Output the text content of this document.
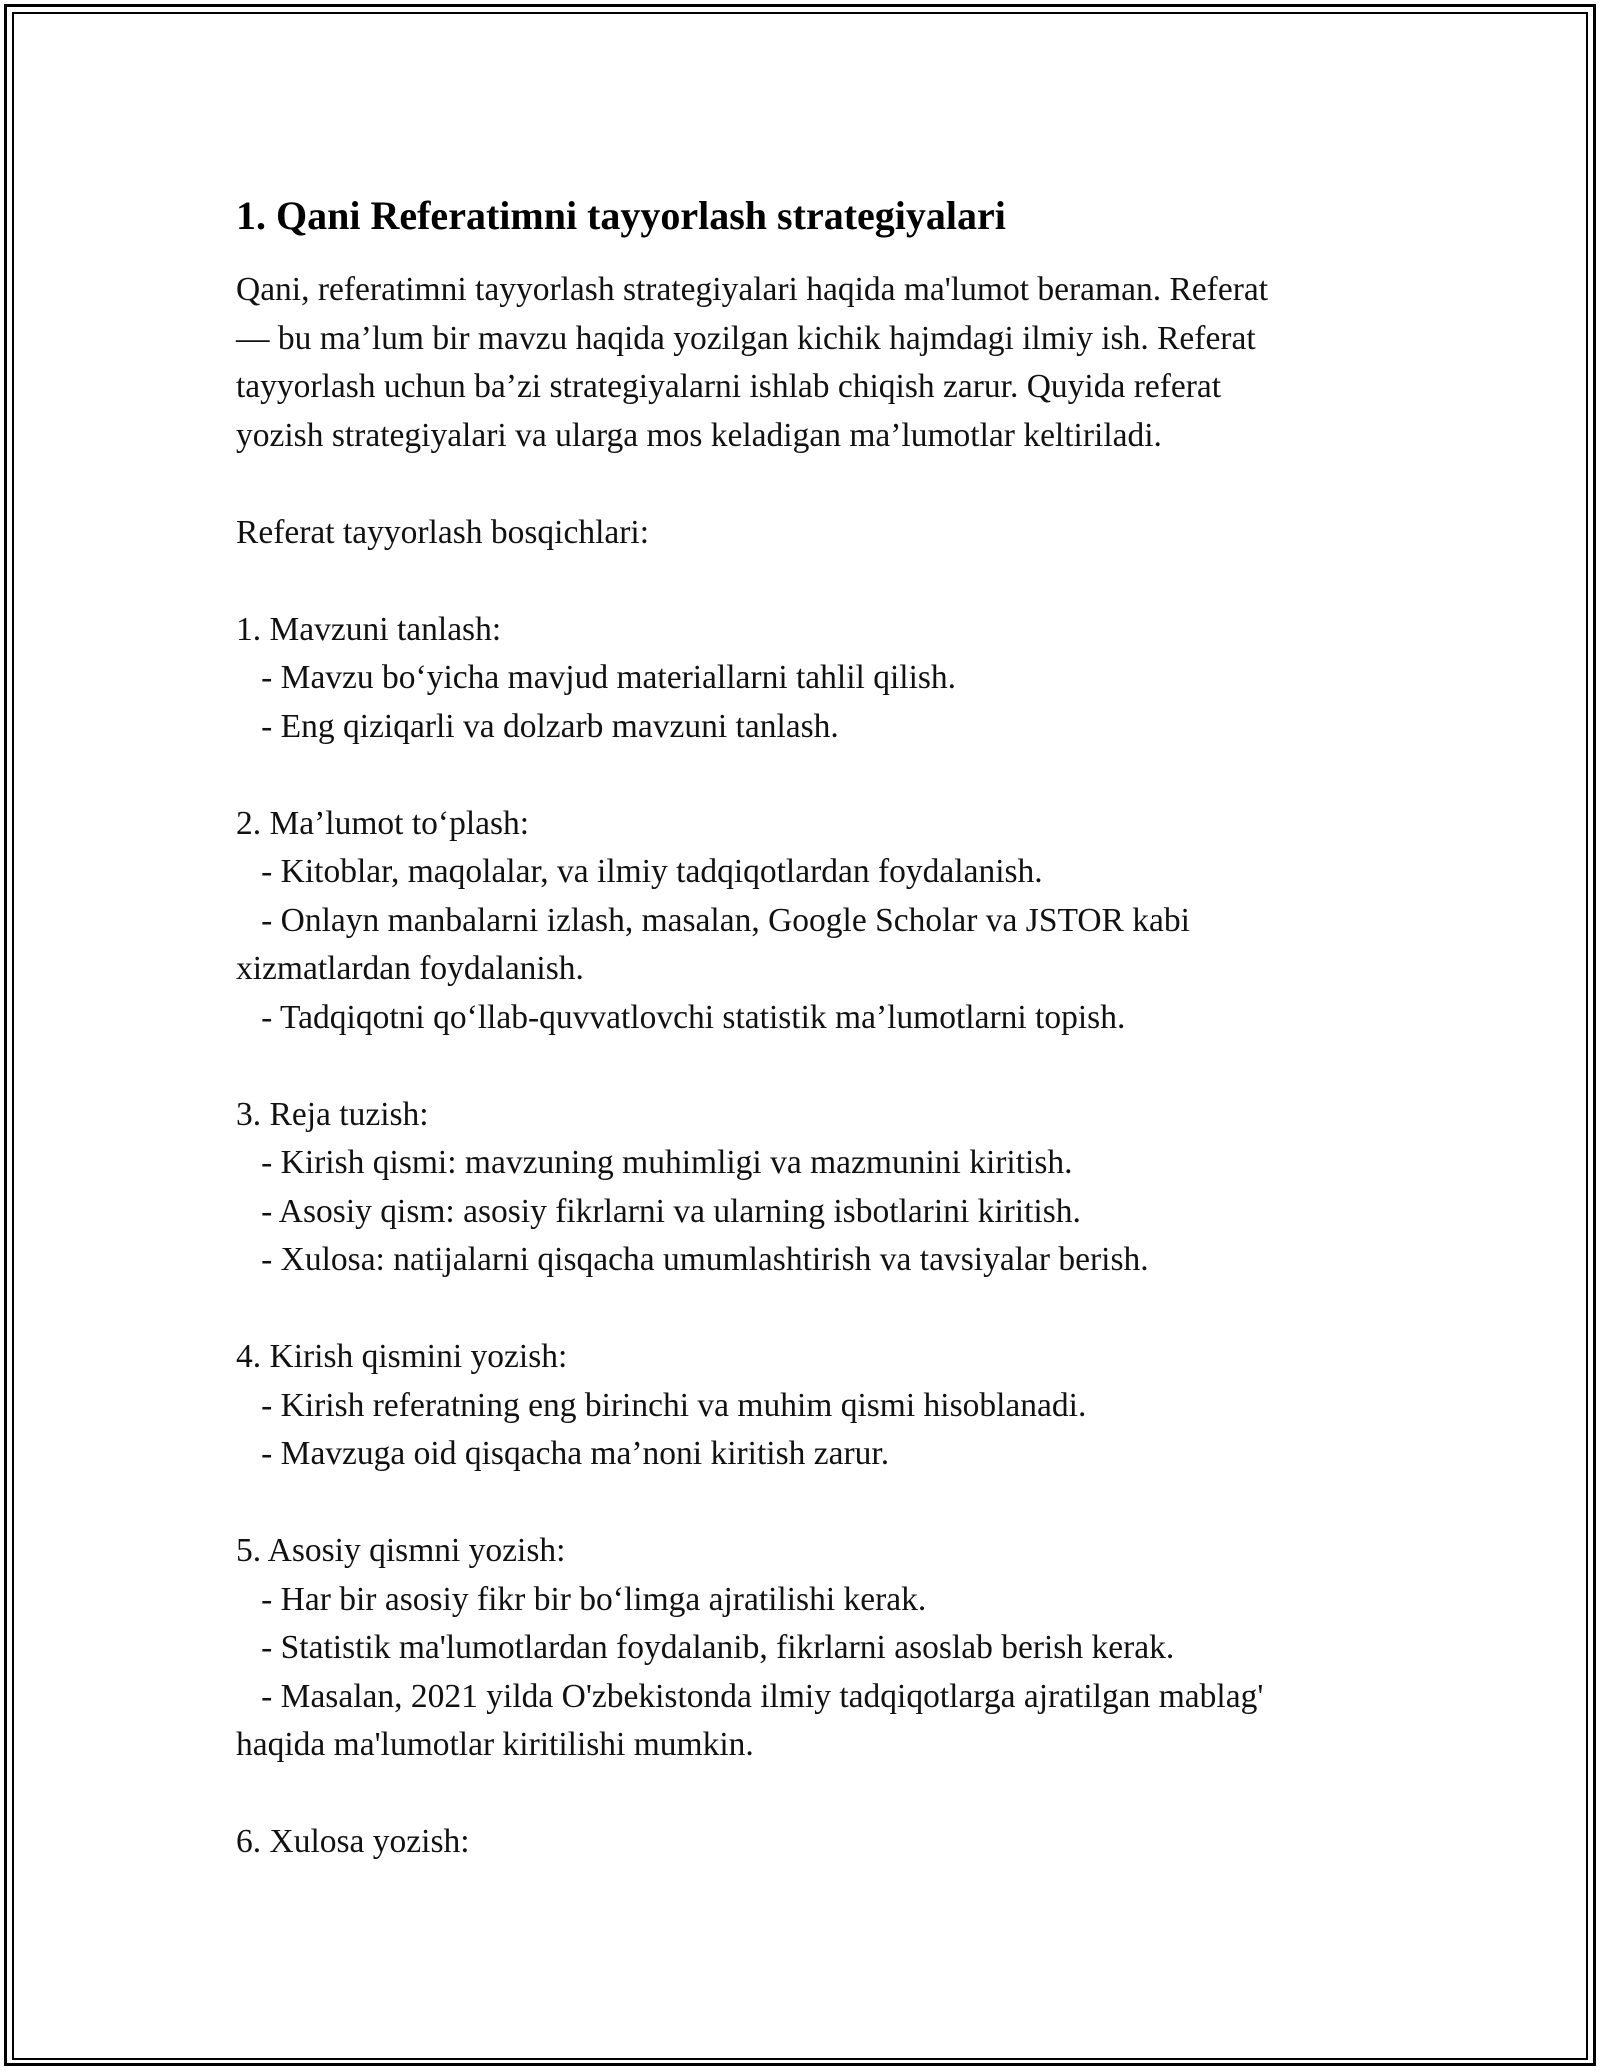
1. Qani Referatimni tayyorlash strategiyalari
Qani, referatimni tayyorlash strategiyalari haqida ma'lumot beraman. Referat
— bu ma’lum bir mavzu haqida yozilgan kichik hajmdagi ilmiy ish. Referat
tayyorlash uchun ba’zi strategiyalarni ishlab chiqish zarur. Quyida referat
yozish strategiyalari va ularga mos keladigan ma’lumotlar keltiriladi.
Referat tayyorlash bosqichlari:
1. Mavzuni tanlash:
- Mavzu bo‘yicha mavjud materiallarni tahlil qilish.
- Eng qiziqarli va dolzarb mavzuni tanlash.
2. Ma’lumot to‘plash:
- Kitoblar, maqolalar, va ilmiy tadqiqotlardan foydalanish.
- Onlayn manbalarni izlash, masalan, Google Scholar va JSTOR kabi
xizmatlardan foydalanish.
- Tadqiqotni qo‘llab-quvvatlovchi statistik ma’lumotlarni topish.
3. Reja tuzish:
- Kirish qismi: mavzuning muhimligi va mazmunini kiritish.
- Asosiy qism: asosiy fikrlarni va ularning isbotlarini kiritish.
- Xulosa: natijalarni qisqacha umumlashtirish va tavsiyalar berish.
4. Kirish qismini yozish:
- Kirish referatning eng birinchi va muhim qismi hisoblanadi.
- Mavzuga oid qisqacha ma’noni kiritish zarur.
5. Asosiy qismni yozish:
- Har bir asosiy fikr bir bo‘limga ajratilishi kerak.
- Statistik ma'lumotlardan foydalanib, fikrlarni asoslab berish kerak.
- Masalan, 2021 yilda O'zbekistonda ilmiy tadqiqotlarga ajratilgan mablag'
haqida ma'lumotlar kiritilishi mumkin.
6. Xulosa yozish:
